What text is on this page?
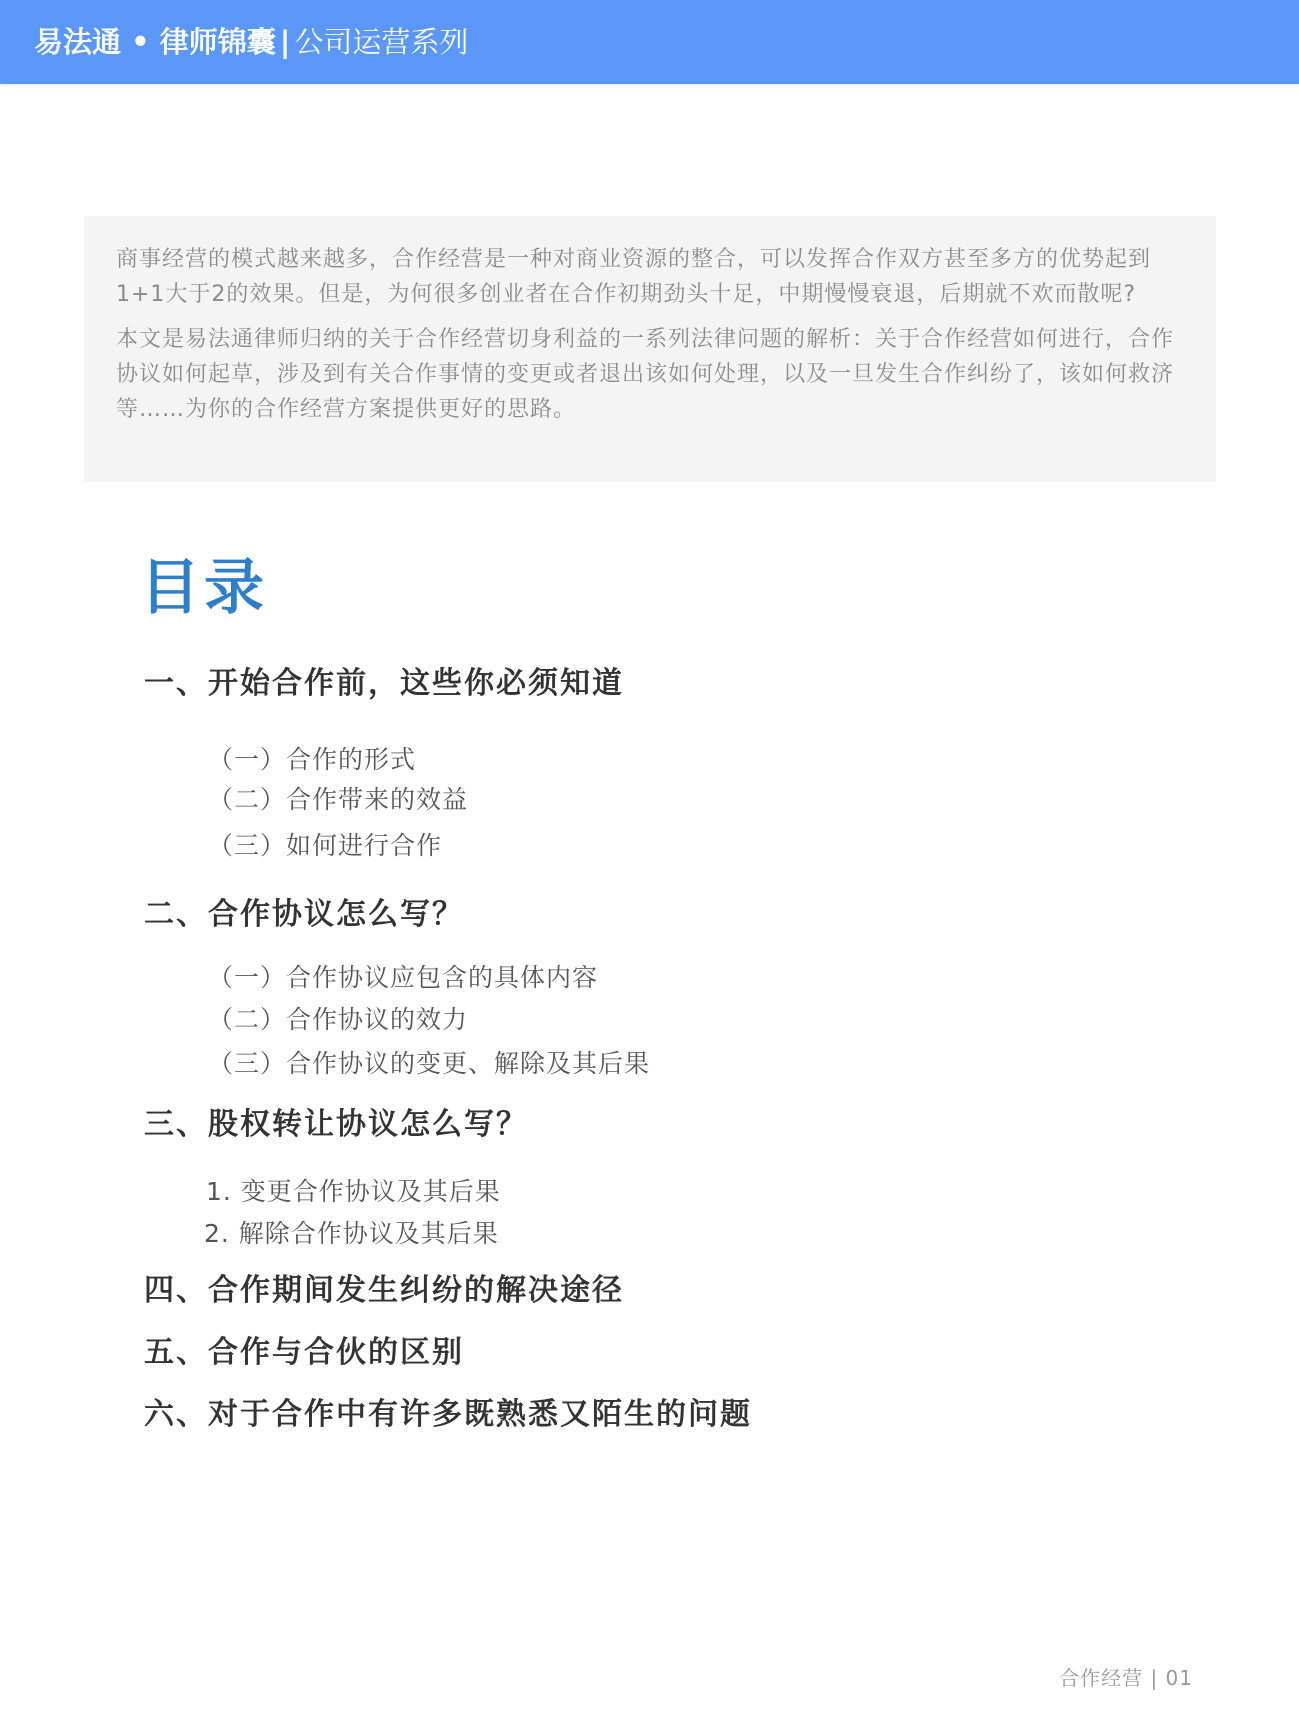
易法通 • 律师锦囊 | 公司运营系列

商事经营的模式越来越多，合作经营是一种对商业资源的整合，可以发挥合作双方甚至多方的优势起到1+1大于2的效果。但是，为何很多创业者在合作初期劲头十足，中期慢慢衰退，后期就不欢而散呢?

本文是易法通律师归纳的关于合作经营切身利益的一系列法律问题的解析：关于合作经营如何进行，合作协议如何起草，涉及到有关合作事情的变更或者退出该如何处理，以及一旦发生合作纠纷了，该如何救济等……为你的合作经营方案提供更好的思路。

目录
一、开始合作前，这些你必须知道
（一）合作的形式
（二）合作带来的效益
（三）如何进行合作
二、合作协议怎么写？
（一）合作协议应包含的具体内容
（二）合作协议的效力
（三）合作协议的变更、解除及其后果
三、股权转让协议怎么写？
1. 变更合作协议及其后果
2. 解除合作协议及其后果
四、合作期间发生纠纷的解决途径
五、合作与合伙的区别
六、对于合作中有许多既熟悉又陌生的问题
合作经营 | 01
